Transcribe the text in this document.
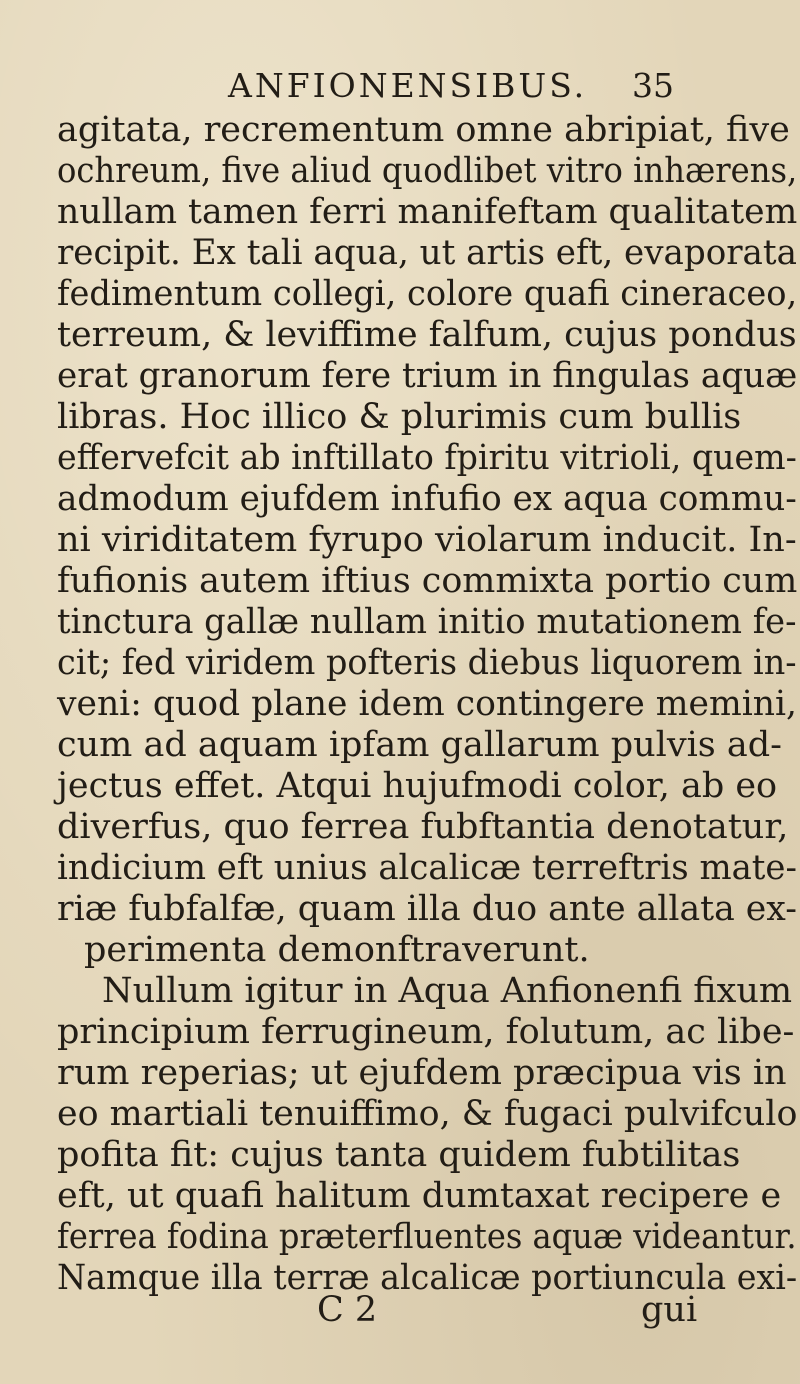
ANFIONENSIBUS. 35
agitata, recrementum omne abripiat, five
ochreum, five aliud quodlibet vitro inhærens,
nullam tamen ferri manifeftam qualitatem
recipit. Ex tali aqua, ut artis eft, evaporata
fedimentum collegi, colore quafi cineraceo,
terreum, & leviffime falfum, cujus pondus
erat granorum fere trium in fingulas aquæ
libras. Hoc illico & plurimis cum bullis
effervefcit ab inftillato fpiritu vitrioli, quem-
admodum ejufdem infufio ex aqua commu-
ni viriditatem fyrupo violarum inducit. In-
fufionis autem iftius commixta portio cum
tinctura gallæ nullam initio mutationem fe-
cit; fed viridem pofteris diebus liquorem in-
veni: quod plane idem contingere memini,
cum ad aquam ipfam gallarum pulvis ad-
jectus effet. Atqui hujufmodi color, ab eo
diverfus, quo ferrea fubftantia denotatur,
indicium eft unius alcalicæ terreftris mate-
riæ fubfalfæ, quam illa duo ante allata ex-
perimenta demonftraverunt.
Nullum igitur in Aqua Anfionenfi fixum
principium ferrugineum, folutum, ac libe-
rum reperias; ut ejufdem præcipua vis in
eo martiali tenuiffimo, & fugaci pulvifculo
pofita fit: cujus tanta quidem fubtilitas
eft, ut quafi halitum dumtaxat recipere e
ferrea fodina præterfluentes aquæ videantur.
Namque illa terræ alcalicæ portiuncula exi-
C 2	gui
